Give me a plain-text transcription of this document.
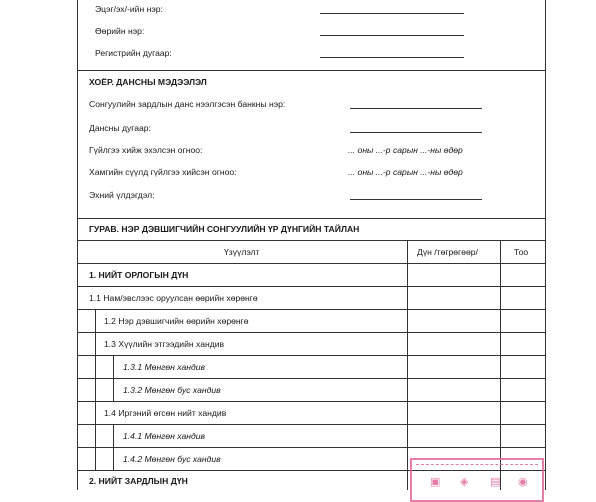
Эцэг/эх/-ийн нэр:
Өөрийн нэр:
Регистрийн дугаар:
ХОЁР. ДАНСНЫ МЭДЭЭЛЭЛ
Сонгуулийн зардлын данс нээлгэсэн банкны нэр:
Дансны дугаар:
Гүйлгээ хийж эхэлсэн огноо:	... оны ...-р сарын ...-ны өдөр
Хамгийн сүүлд гүйлгээ хийсэн огноо:	... оны ...-р сарын ...-ны өдөр
Эхний үлдэгдэл:
ГУРАВ. НЭР ДЭВШИГЧИЙН СОНГУУЛИЙН ҮР ДҮНГИЙН ТАЙЛАН
Үзүүлэлт	Дүн /төгрөгөөр/	Тоо
1. НИЙТ ОРЛОГЫН ДҮН
1.1 Нам/эвслээс оруулсан өөрийн хөрөнгө
1.2 Нэр дэвшигчийн өөрийн хөрөнгө
1.3 Хүүлийн этгээдийн хандив
1.3.1 Мөнгөн хандив
1.3.2 Мөнгөн бус хандив
1.4 Иргэний өгсөн нийт хандив
1.4.1 Мөнгөн хандив
1.4.2 Мөнгөн бус хандив
2. НИЙТ ЗАРДЛЫН ДҮН	▣ ◈ ▤ ◉
